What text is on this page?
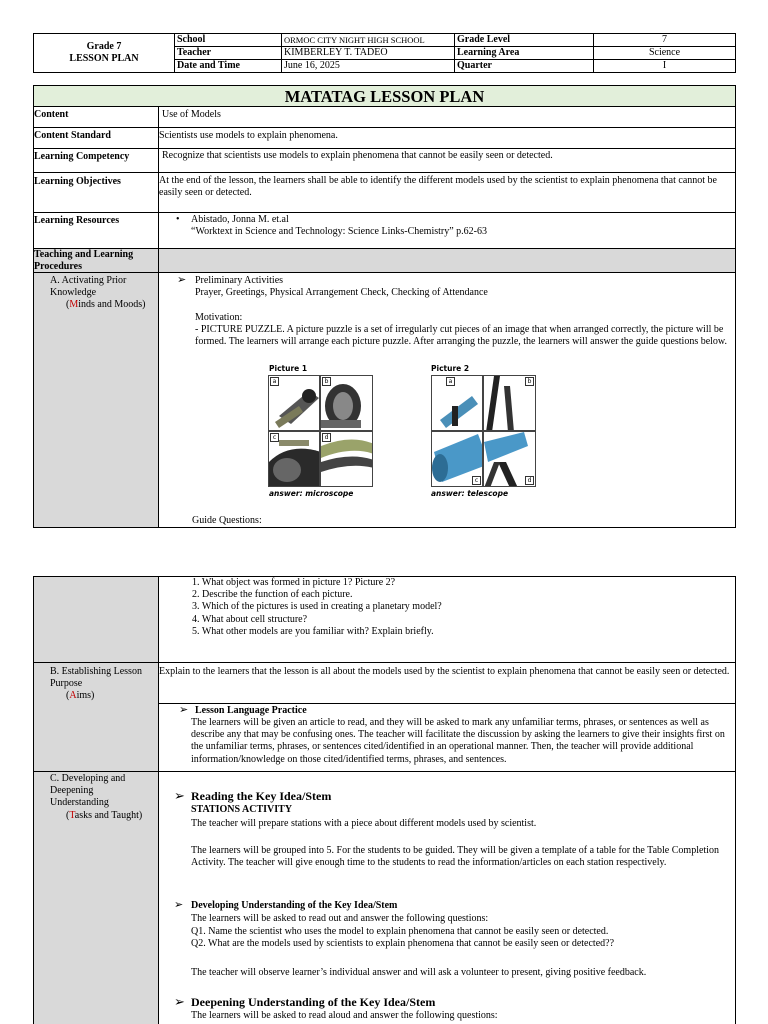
Grade 7
LESSON PLAN	School	ORMOC CITY NIGHT HIGH SCHOOL	Grade Level	7
	Teacher	KIMBERLEY T. TADEO	Learning Area	Science
	Date and Time	June 16, 2025	Quarter	I
MATATAG LESSON PLAN
Content	Use of Models
Content Standard	Scientists use models to explain phenomena.
Learning Competency	Recognize that scientists use models to explain phenomena that cannot be easily seen or detected.
Learning Objectives	At the end of the lesson, the learners shall be able to identify the different models used by the scientist to explain phenomena that cannot be easily seen or detected.
Learning Resources	• Abistado, Jonna M. et.al
“Worktext in Science and Technology: Science Links-Chemistry” p.62-63
Teaching and Learning Procedures
A. Activating Prior Knowledge
(Minds and Moods)
➢ Preliminary Activities
Prayer, Greetings, Physical Arrangement Check, Checking of Attendance
Motivation:
- PICTURE PUZZLE. A picture puzzle is a set of irregularly cut pieces of an image that when arranged correctly, the picture will be formed. The learners will arrange each picture puzzle. After arranging the puzzle, the learners will answer the guide questions below.
Picture 1
a	b
c	d
answer: microscope
Picture 2
a	b
c	d
answer: telescope
Guide Questions:
1. What object was formed in picture 1? Picture 2?
2. Describe the function of each picture.
3. Which of the pictures is used in creating a planetary model?
4. What about cell structure?
5. What other models are you familiar with? Explain briefly.
B. Establishing Lesson Purpose
(Aims)
Explain to the learners that the lesson is all about the models used by the scientist to explain phenomena that cannot be easily seen or detected.
➢ Lesson Language Practice
The learners will be given an article to read, and they will be asked to mark any unfamiliar terms, phrases, or sentences as well as describe any that may be confusing ones. The teacher will facilitate the discussion by asking the learners to give their insights first on the unfamiliar terms, phrases, or sentences cited/identified in an operational manner. Then, the teacher will provide additional information/knowledge on those cited/identified terms, phrases, and sentences.
C. Developing and Deepening Understanding
(Tasks and Taught)
➢ Reading the Key Idea/Stem
STATIONS ACTIVITY
The teacher will prepare stations with a piece about different models used by scientist.
The learners will be grouped into 5. For the students to be guided. They will be given a template of a table for the Table Completion Activity. The teacher will give enough time to the students to read the information/articles on each station respectively.
➢ Developing Understanding of the Key Idea/Stem
The learners will be asked to read out and answer the following questions:
Q1. Name the scientist who uses the model to explain phenomena that cannot be easily seen or detected.
Q2. What are the models used by scientists to explain phenomena that cannot be easily seen or detected??
The teacher will observe learner’s individual answer and will ask a volunteer to present, giving positive feedback.
➢ Deepening Understanding of the Key Idea/Stem
The learners will be asked to read aloud and answer the following questions:
